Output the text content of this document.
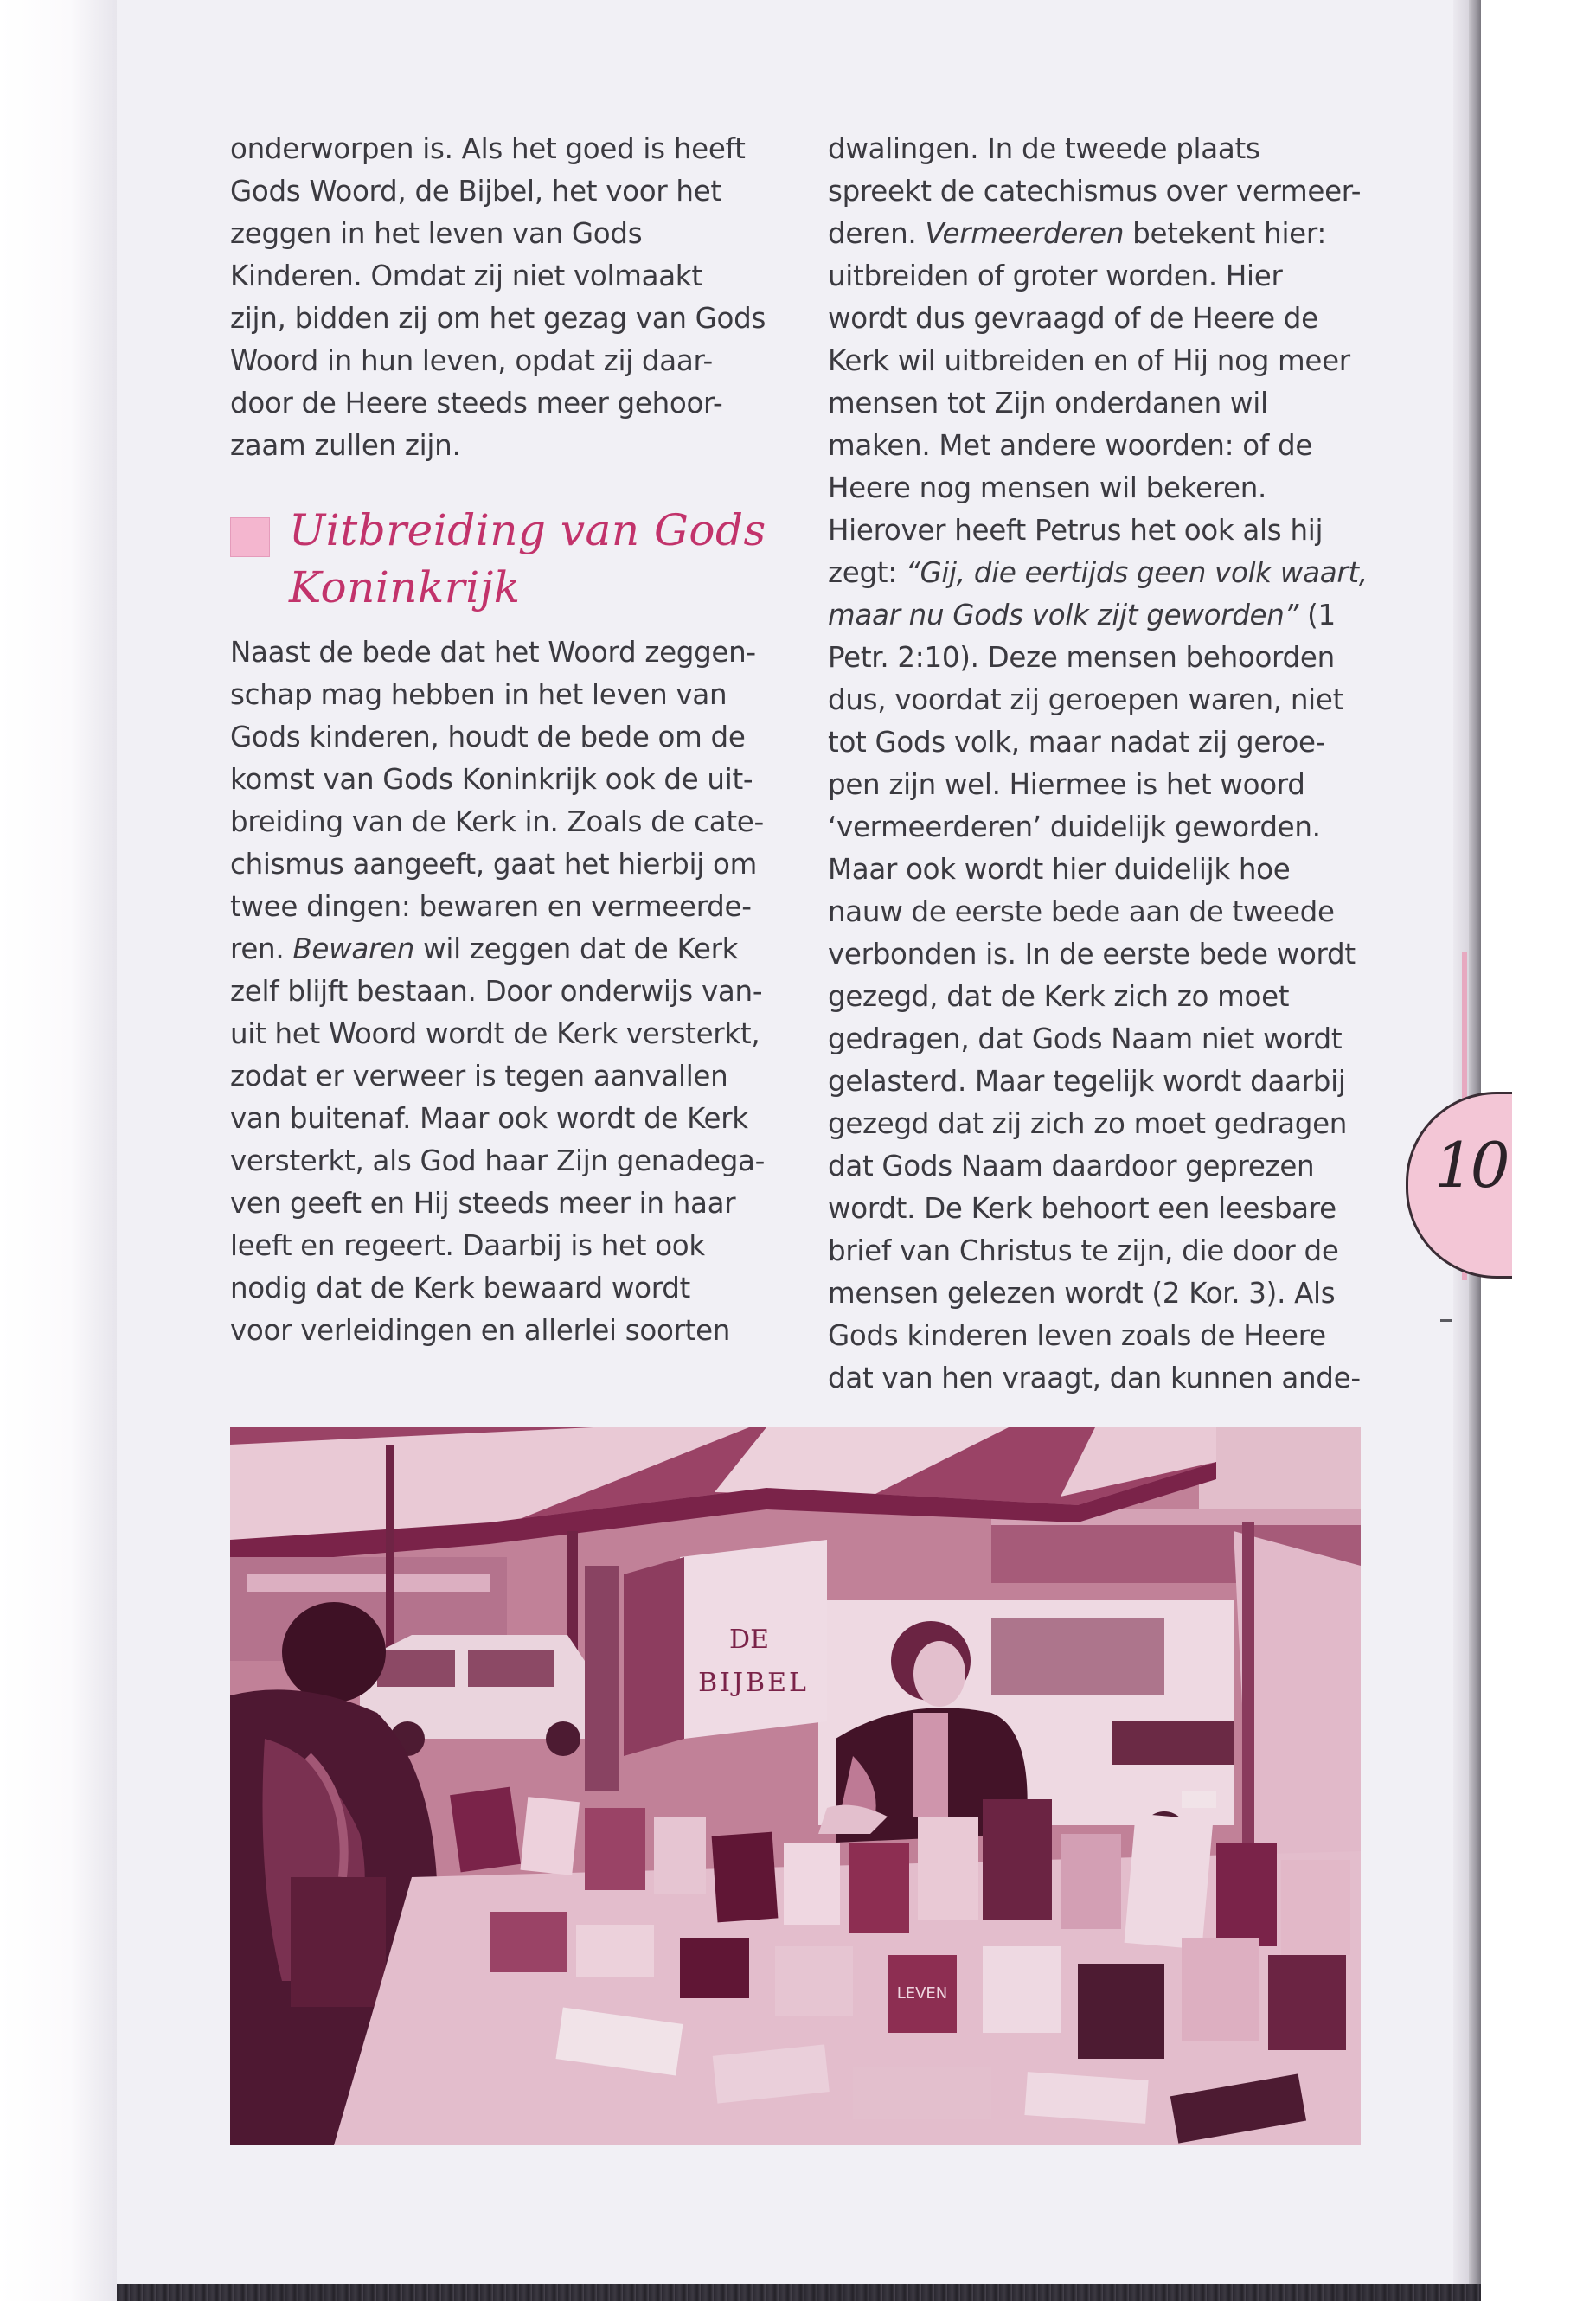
10

onderworpen is. Als het goed is heeft
Gods Woord, de Bijbel, het voor het
zeggen in het leven van Gods
Kinderen. Omdat zij niet volmaakt
zijn, bidden zij om het gezag van Gods
Woord in hun leven, opdat zij daar-
door de Heere steeds meer gehoor-
zaam zullen zijn.

Uitbreiding van Gods
Koninkrijk

Naast de bede dat het Woord zeggen-
schap mag hebben in het leven van
Gods kinderen, houdt de bede om de
komst van Gods Koninkrijk ook de uit-
breiding van de Kerk in. Zoals de cate-
chismus aangeeft, gaat het hierbij om
twee dingen: bewaren en vermeerde-
ren. Bewaren wil zeggen dat de Kerk
zelf blijft bestaan. Door onderwijs van-
uit het Woord wordt de Kerk versterkt,
zodat er verweer is tegen aanvallen
van buitenaf. Maar ook wordt de Kerk
versterkt, als God haar Zijn genadega-
ven geeft en Hij steeds meer in haar
leeft en regeert. Daarbij is het ook
nodig dat de Kerk bewaard wordt
voor verleidingen en allerlei soorten

dwalingen. In de tweede plaats
spreekt de catechismus over vermeer-
deren. Vermeerderen betekent hier:
uitbreiden of groter worden. Hier
wordt dus gevraagd of de Heere de
Kerk wil uitbreiden en of Hij nog meer
mensen tot Zijn onderdanen wil
maken. Met andere woorden: of de
Heere nog mensen wil bekeren.
Hierover heeft Petrus het ook als hij
zegt: “Gij, die eertijds geen volk waart,
maar nu Gods volk zijt geworden” (1
Petr. 2:10). Deze mensen behoorden
dus, voordat zij geroepen waren, niet
tot Gods volk, maar nadat zij geroe-
pen zijn wel. Hiermee is het woord
‘vermeerderen’ duidelijk geworden.
Maar ook wordt hier duidelijk hoe
nauw de eerste bede aan de tweede
verbonden is. In de eerste bede wordt
gezegd, dat de Kerk zich zo moet
gedragen, dat Gods Naam niet wordt
gelasterd. Maar tegelijk wordt daarbij
gezegd dat zij zich zo moet gedragen
dat Gods Naam daardoor geprezen
wordt. De Kerk behoort een leesbare
brief van Christus te zijn, die door de
mensen gelezen wordt (2 Kor. 3). Als
Gods kinderen leven zoals de Heere
dat van hen vraagt, dan kunnen ande-

DE
BIJBEL
LEVEN
